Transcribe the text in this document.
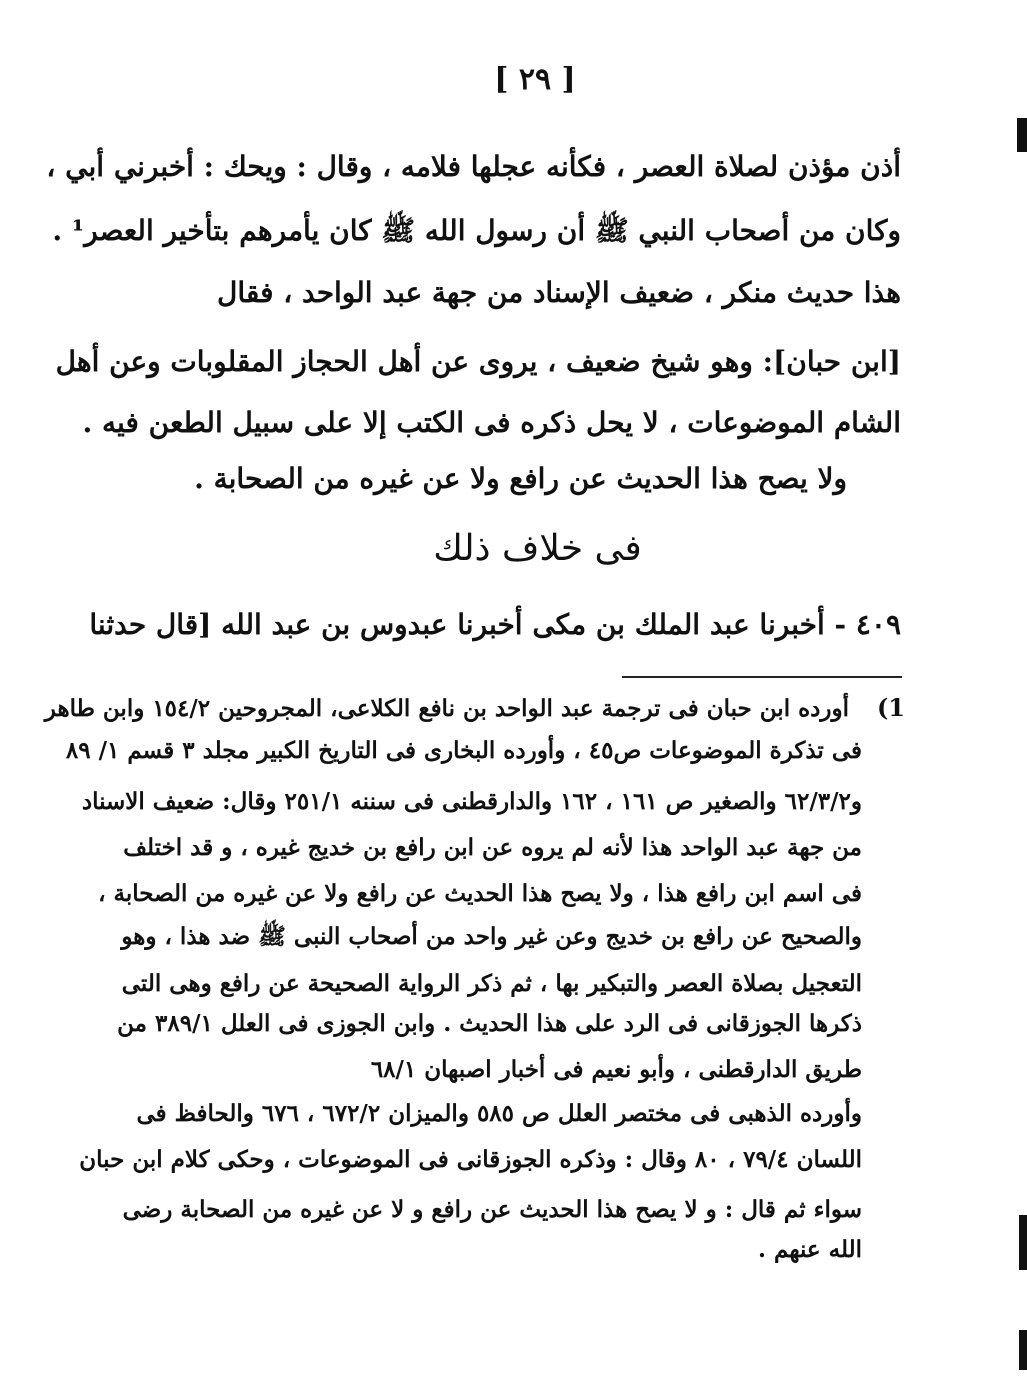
[ ٢٩ ]
أذن مؤذن لصلاة العصر ، فكأنه عجلها فلامه ، وقال : ويحك : أخبرني أبي ،
وكان من أصحاب النبي ﷺ أن رسول الله ﷺ كان يأمرهم بتأخير العصر¹ .
هذا حديث منكر ، ضعيف الإسناد من جهة عبد الواحد ، فقال
[ابن حبان]: وهو شيخ ضعيف ، يروى عن أهل الحجاز المقلوبات وعن أهل
الشام الموضوعات ، لا يحل ذكره فى الكتب إلا على سبيل الطعن فيه .
ولا يصح هذا الحديث عن رافع ولا عن غيره من الصحابة .
فى خلاف ذلك
٤٠٩ - أخبرنا عبد الملك بن مكى أخبرنا عبدوس بن عبد الله [قال حدثنا
(1
أورده ابن حبان فى ترجمة عبد الواحد بن نافع الكلاعى، المجروحين ١٥٤/٢ وابن طاهر
فى تذكرة الموضوعات ص٤٥ ، وأورده البخارى فى التاريخ الكبير مجلد ٣ قسم ١/ ٨٩
و٦٢/٣/٢ والصغير ص ١٦١ ، ١٦٢ والدارقطنى فى سننه ٢٥١/١ وقال: ضعيف الاسناد
من جهة عبد الواحد هذا لأنه لم يروه عن ابن رافع بن خديج غيره ، و قد اختلف
فى اسم ابن رافع هذا ، ولا يصح هذا الحديث عن رافع ولا عن غيره من الصحابة ،
والصحيح عن رافع بن خديج وعن غير واحد من أصحاب النبى ﷺ ضد هذا ، وهو
التعجيل بصلاة العصر والتبكير بها ، ثم ذكر الرواية الصحيحة عن رافع وهى التى
ذكرها الجوزقانى فى الرد على هذا الحديث . وابن الجوزى فى العلل ٣٨٩/١ من
طريق الدارقطنى ، وأبو نعيم فى أخبار اصبهان ٦٨/١
وأورده الذهبى فى مختصر العلل ص ٥٨٥ والميزان ٦٧٢/٢ ، ٦٧٦ والحافظ فى
اللسان ٧٩/٤ ، ٨٠ وقال : وذكره الجوزقانى فى الموضوعات ، وحكى كلام ابن حبان
سواء ثم قال : و لا يصح هذا الحديث عن رافع و لا عن غيره من الصحابة رضى
الله عنهم .
